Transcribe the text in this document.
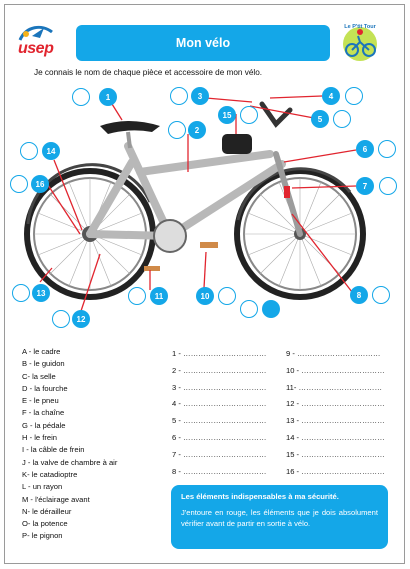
usep	Mon vélo
Le P'tit Tour
Je connais le nom de chaque pièce et accessoire de mon vélo.
1
2
3	4
5
6
7
8
10
11
12
13
14
15
16
A - le cadre
B - le guidon
C- la selle
D - la fourche
E - le pneu
F - la chaîne
G - la pédale
H - le frein
I - la câble de frein
J - la valve de chambre à air
K- le catadioptre
L - un rayon
M - l'éclairage avant
N- le dérailleur
O- la potence
P- le pignon
1 - ……………………………
2 - ……………………………
3 - ……………………………
4 - ……………………………
5 - ……………………………
6 - ……………………………
7 - ……………………………
8 - ……………………………
9 - ……………………………
10 - ……………………………
11- ……………………………
12 - ……………………………
13 - ……………………………
14 - ……………………………
15 - ……………………………
16 - ……………………………
Les éléments indispensables à ma sécurité.
J'entoure en rouge, les éléments que je dois absolument vérifier avant de partir en sortie à vélo.
